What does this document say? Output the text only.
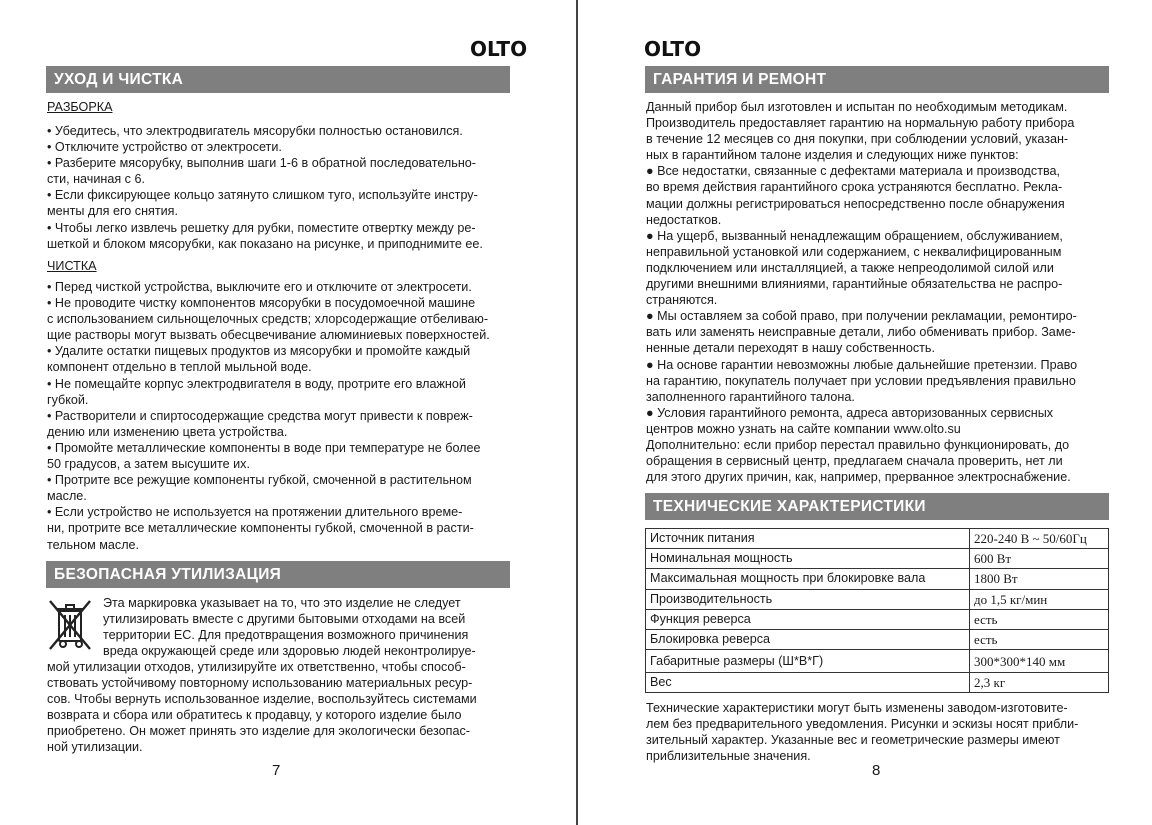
OLTO
УХОД И ЧИСТКА
РАЗБОРКА

• Убедитесь, что электродвигатель мясорубки полностью остановился.

• Отключите устройство от электросети.

• Разберите мясорубку, выполнив шаги 1-6 в обратной последовательно-

сти, начиная с 6.

• Если фиксирующее кольцо затянуто слишком туго, используйте инстру-

менты для его снятия.

• Чтобы легко извлечь решетку для рубки, поместите отвертку между ре-

шеткой и блоком мясорубки, как показано на рисунке, и приподнимите ее.

ЧИСТКА

• Перед чисткой устройства, выключите его и отключите от электросети.

• Не проводите чистку компонентов мясорубки в посудомоечной машине

с использованием сильнощелочных средств; хлорсодержащие отбеливаю-

щие растворы могут вызвать обесцвечивание алюминиевых поверхностей.

• Удалите остатки пищевых продуктов из мясорубки и промойте каждый

компонент отдельно в теплой мыльной воде.

• Не помещайте корпус электродвигателя в воду, протрите его влажной

губкой.

• Растворители и спиртосодержащие средства могут привести к повреж-

дению или изменению цвета устройства.

• Промойте металлические компоненты в воде при температуре не более

50 градусов, а затем высушите их.

• Протрите все режущие компоненты губкой, смоченной в растительном

масле.

• Если устройство не используется на протяжении длительного време-

ни, протрите все металлические компоненты губкой, смоченной в расти-

тельном масле.

БЕЗОПАСНАЯ УТИЛИЗАЦИЯ

Эта маркировка указывает на то, что это изделие не следует

утилизировать вместе с другими бытовыми отходами на всей

территории ЕС. Для предотвращения возможного причинения

вреда окружающей среде или здоровью людей неконтролируе-

мой утилизации отходов, утилизируйте их ответственно, чтобы способ-

ствовать устойчивому повторному использованию материальных ресур-

сов. Чтобы вернуть использованное изделие, воспользуйтесь системами

возврата и сбора или обратитесь к продавцу, у которого изделие было

приобретено. Он может принять это изделие для экологически безопас-

ной утилизации.

7
OLTO
ГАРАНТИЯ И РЕМОНТ

Данный прибор был изготовлен и испытан по необходимым методикам.

Производитель предоставляет гарантию на нормальную работу прибора

в течение 12 месяцев со дня покупки, при соблюдении условий, указан-

ных в гарантийном талоне изделия и следующих ниже пунктов:

● Все недостатки, связанные с дефектами материала и производства,

во время действия гарантийного срока устраняются бесплатно. Рекла-

мации должны регистрироваться непосредственно после обнаружения

недостатков.

● На ущерб, вызванный ненадлежащим обращением, обслуживанием,

неправильной установкой или содержанием, с неквалифицированным

подключением или инсталляцией, а также непреодолимой силой или

другими внешними влияниями, гарантийные обязательства не распро-

страняются.

● Мы оставляем за собой право, при получении рекламации, ремонтиро-

вать или заменять неисправные детали, либо обменивать прибор. Заме-

ненные детали переходят в нашу собственность.

● На основе гарантии невозможны любые дальнейшие претензии. Право

на гарантию, покупатель получает при условии предъявления правильно

заполненного гарантийного талона.

● Условия гарантийного ремонта, адреса авторизованных сервисных

центров можно узнать на сайте компании www.olto.su

Дополнительно: если прибор перестал правильно функционировать, до

обращения в сервисный центр, предлагаем сначала проверить, нет ли

для этого других причин, как, например, прерванное электроснабжение.

ТЕХНИЧЕСКИЕ ХАРАКТЕРИСТИКИ
Источник питания	220-240 В ~ 50/60Гц
Номинальная мощность	600 Вт
Максимальная мощность при блокировке вала	1800 Вт
Производительность	до 1,5 кг/мин
Функция реверса	есть
Блокировка реверса	есть
Габаритные размеры (Ш*В*Г)	300*300*140 мм
Вес	2,3 кг

Технические характеристики могут быть изменены заводом-изготовите-

лем без предварительного уведомления. Рисунки и эскизы носят прибли-

зительный характер. Указанные вес и геометрические размеры имеют

приблизительные значения.

8
